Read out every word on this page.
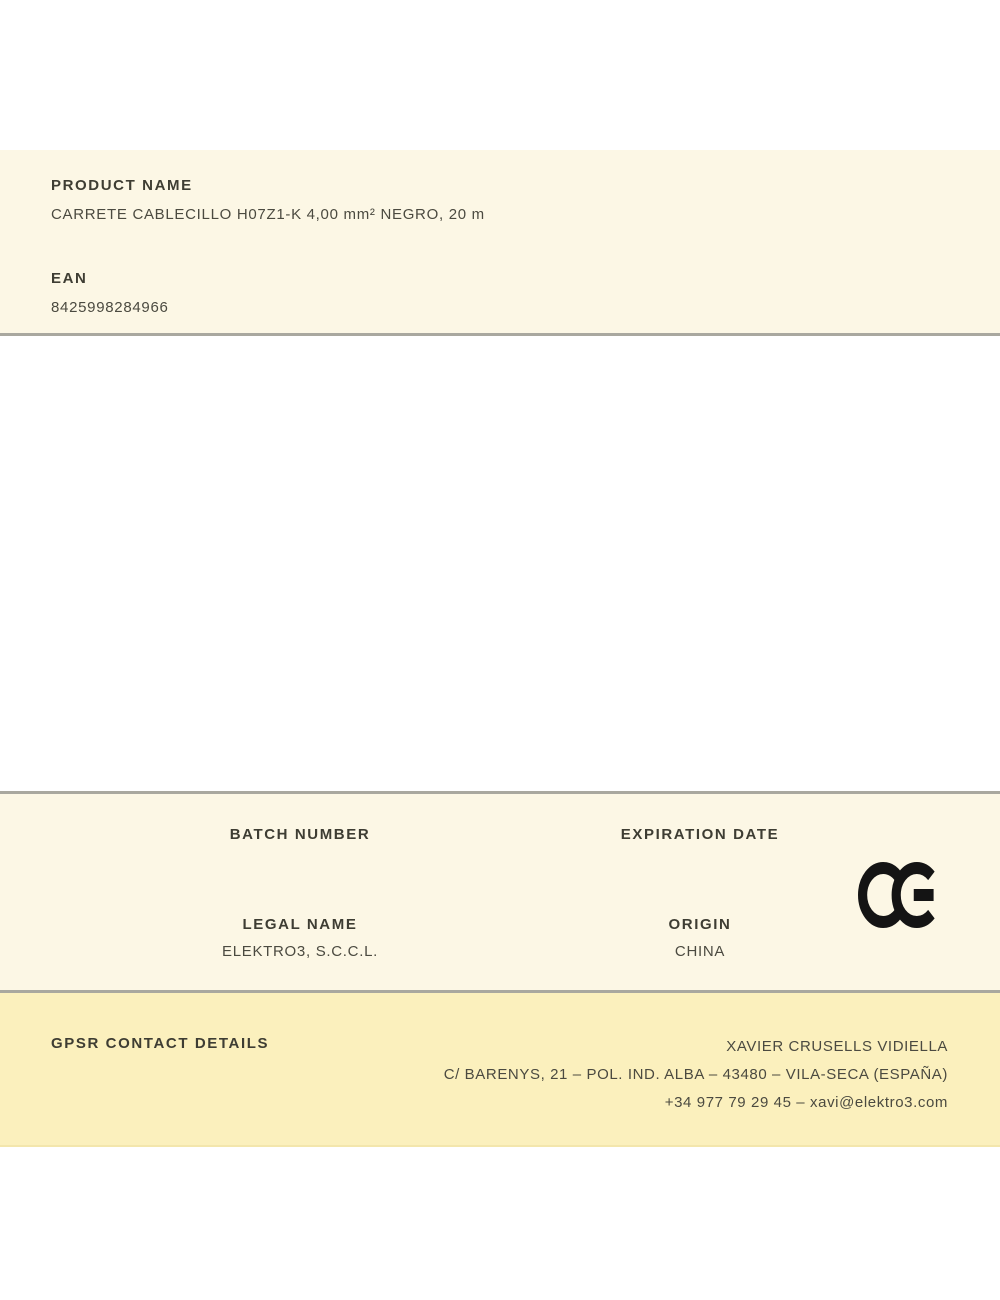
PRODUCT NAME
CARRETE CABLECILLO H07Z1-K 4,00 mm² NEGRO, 20 m
EAN
8425998284966
BATCH NUMBER	EXPIRATION DATE
LEGAL NAME
ELEKTRO3, S.C.C.L.
ORIGIN
CHINA
GPSR CONTACT DETAILS	XAVIER CRUSELLS VIDIELLA
C/ BARENYS, 21 – POL. IND. ALBA – 43480 – VILA-SECA (ESPAÑA)
+34 977 79 29 45 – xavi@elektro3.com
